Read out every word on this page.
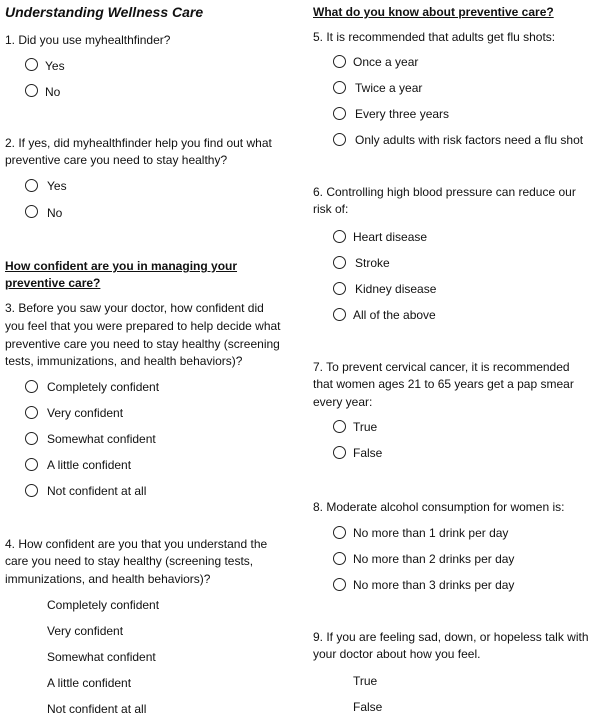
Understanding Wellness Care
1. Did you use myhealthfinder?
Yes
No
2. If yes, did myhealthfinder help you find out what
preventive care you need to stay healthy?
Yes
No
How confident are you in managing your
preventive care?
3. Before you saw your doctor, how confident did
you feel that you were prepared to help decide what
preventive care you need to stay healthy (screening
tests, immunizations, and health behaviors)?
Completely confident
Very confident
Somewhat confident
A little confident
Not confident at all
4. How confident are you that you understand the
care you need to stay healthy (screening tests,
immunizations, and health behaviors)?
Completely confident
Very confident
Somewhat confident
A little confident
Not confident at all
What do you know about preventive care?
5. It is recommended that adults get flu shots:
Once a year
Twice a year
Every three years
Only adults with risk factors need a flu shot
6. Controlling high blood pressure can reduce our
risk of:
Heart disease
Stroke
Kidney disease
All of the above
7. To prevent cervical cancer, it is recommended
that women ages 21 to 65 years get a pap smear
every year:
True
False
8. Moderate alcohol consumption for women is:
No more than 1 drink per day
No more than 2 drinks per day
No more than 3 drinks per day
9. If you are feeling sad, down, or hopeless talk with
your doctor about how you feel.
True
False
